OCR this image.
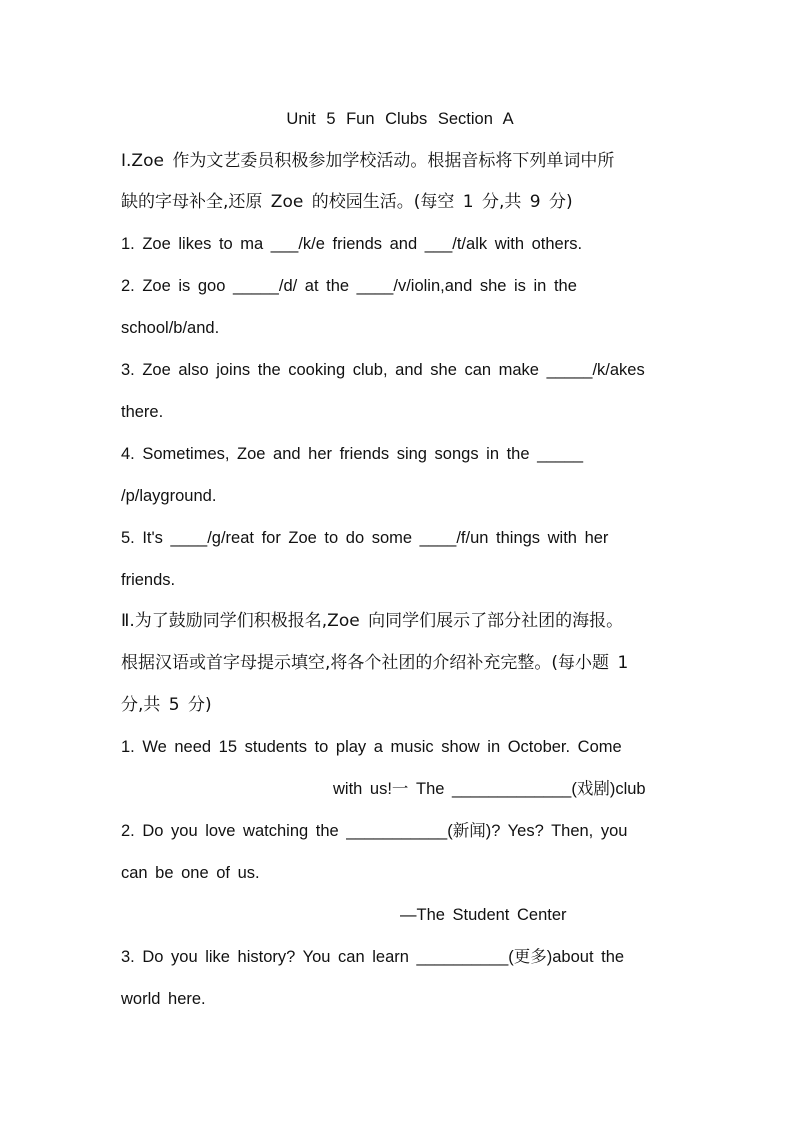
Unit 5 Fun Clubs Section A
Ⅰ.Zoe 作为文艺委员积极参加学校活动。根据音标将下列单词中所
缺的字母补全,还原 Zoe 的校园生活。(每空 1 分,共 9 分)
1. Zoe likes to ma ___/k/e friends and ___/t/alk with others.
2. Zoe is goo _____/d/ at the ____/v/iolin,and she is in the
school/b/and.
3. Zoe also joins the cooking club, and she can make _____/k/akes
there.
4. Sometimes, Zoe and her friends sing songs in the _____
/p/layground.
5. It's ____/g/reat for Zoe to do some ____/f/un things with her
friends.
Ⅱ.为了鼓励同学们积极报名,Zoe 向同学们展示了部分社团的海报。
根据汉语或首字母提示填空,将各个社团的介绍补充完整。(每小题 1
分,共 5 分)
1. We need 15 students to play a music show in October. Come
with us!一 The _____________(戏剧)club
2. Do you love watching the ___________(新闻)? Yes? Then, you
can be one of us.
—The Student Center
3. Do you like history? You can learn __________(更多)about the
world here.
